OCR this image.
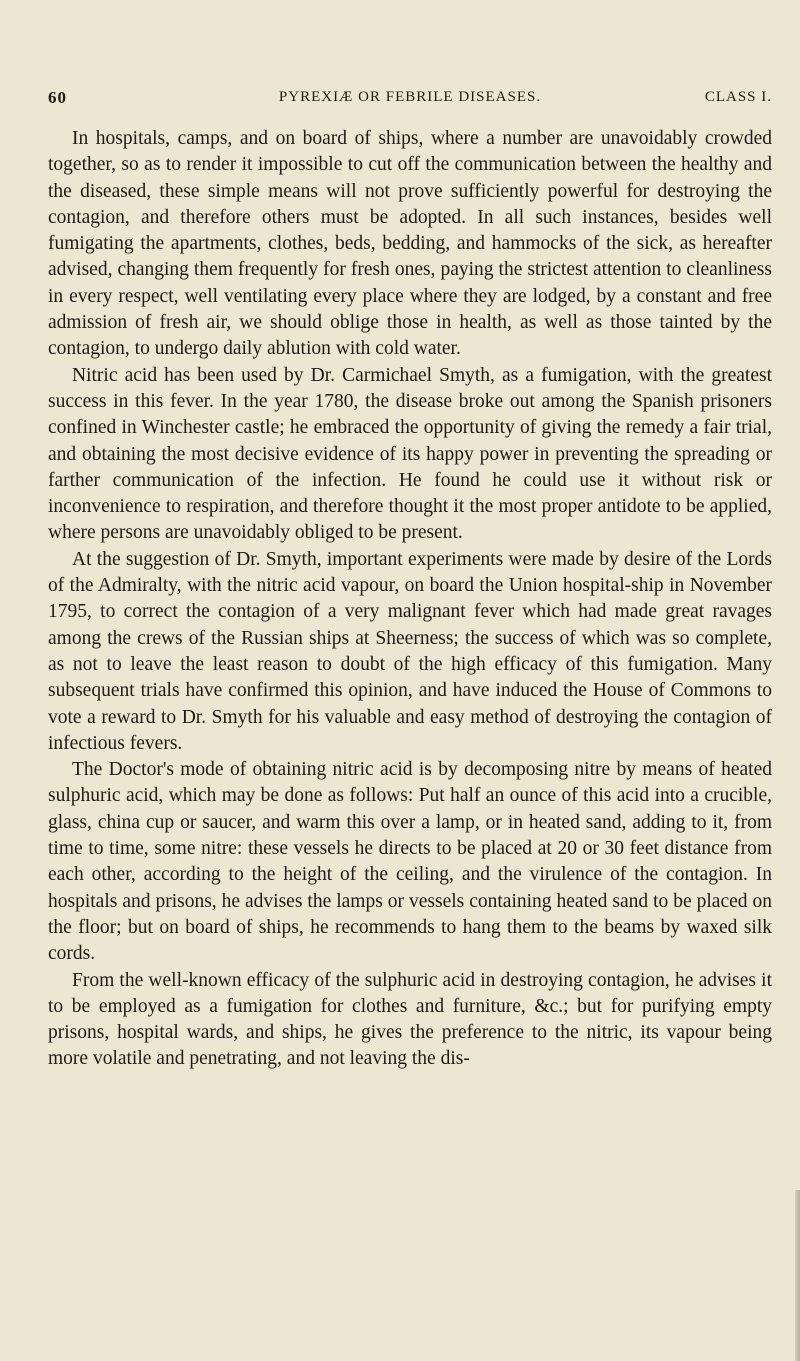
60	PYREXIÆ OR FEBRILE DISEASES.	CLASS I.

In hospitals, camps, and on board of ships, where a number are unavoidably crowded together, so as to render it impossible to cut off the communication between the healthy and the diseased, these simple means will not prove sufficiently powerful for destroying the contagion, and therefore others must be adopted. In all such instances, besides well fumigating the apartments, clothes, beds, bedding, and hammocks of the sick, as hereafter advised, changing them frequently for fresh ones, paying the strictest attention to cleanliness in every respect, well ventilating every place where they are lodged, by a constant and free admission of fresh air, we should oblige those in health, as well as those tainted by the contagion, to undergo daily ablution with cold water.

Nitric acid has been used by Dr. Carmichael Smyth, as a fumigation, with the greatest success in this fever. In the year 1780, the disease broke out among the Spanish prisoners confined in Winchester castle; he embraced the opportunity of giving the remedy a fair trial, and obtaining the most decisive evidence of its happy power in preventing the spreading or farther communication of the infection. He found he could use it without risk or inconvenience to respiration, and therefore thought it the most proper antidote to be applied, where persons are unavoidably obliged to be present.

At the suggestion of Dr. Smyth, important experiments were made by desire of the Lords of the Admiralty, with the nitric acid vapour, on board the Union hospital-ship in November 1795, to correct the contagion of a very malignant fever which had made great ravages among the crews of the Russian ships at Sheerness; the success of which was so complete, as not to leave the least reason to doubt of the high efficacy of this fumigation. Many subsequent trials have confirmed this opinion, and have induced the House of Commons to vote a reward to Dr. Smyth for his valuable and easy method of destroying the contagion of infectious fevers.

The Doctor's mode of obtaining nitric acid is by decomposing nitre by means of heated sulphuric acid, which may be done as follows: Put half an ounce of this acid into a crucible, glass, china cup or saucer, and warm this over a lamp, or in heated sand, adding to it, from time to time, some nitre: these vessels he directs to be placed at 20 or 30 feet distance from each other, according to the height of the ceiling, and the virulence of the contagion. In hospitals and prisons, he advises the lamps or vessels containing heated sand to be placed on the floor; but on board of ships, he recommends to hang them to the beams by waxed silk cords.

From the well-known efficacy of the sulphuric acid in destroying contagion, he advises it to be employed as a fumigation for clothes and furniture, &c.; but for purifying empty prisons, hospital wards, and ships, he gives the preference to the nitric, its vapour being more volatile and penetrating, and not leaving the dis-
